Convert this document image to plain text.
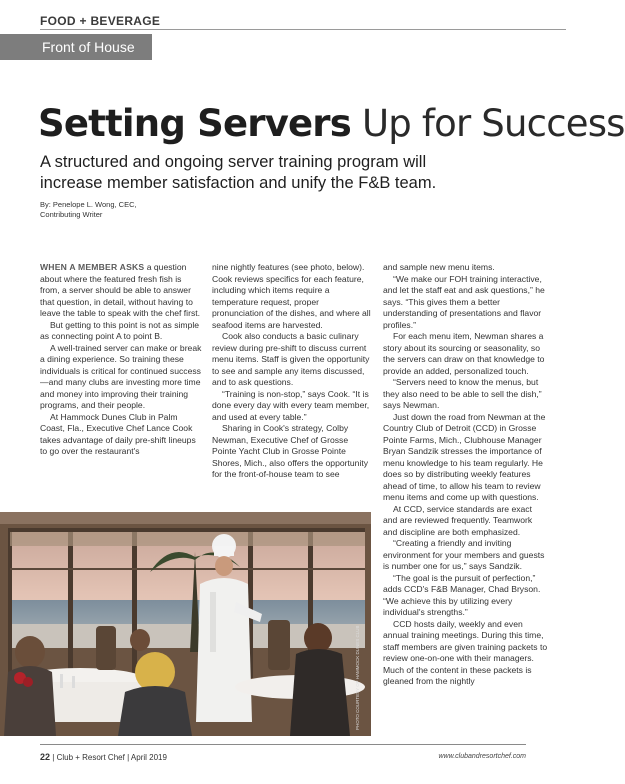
FOOD + BEVERAGE
Front of House
Setting Servers Up for Success
A structured and ongoing server training program will increase member satisfaction and unify the F&B team.
By: Penelope L. Wong, CEC,
Contributing Writer

WHEN A MEMBER ASKS a question about where the featured fresh fish is from, a server should be able to answer that question, in detail, without having to leave the table to speak with the chef first.

But getting to this point is not as simple as connecting point A to point B.

A well-trained server can make or break a dining experience. So training these individuals is critical for continued success—and many clubs are investing more time and money into improving their training programs, and their people.

At Hammock Dunes Club in Palm Coast, Fla., Executive Chef Lance Cook takes advantage of daily pre-shift lineups to go over the restaurant's

nine nightly features (see photo, below). Cook reviews specifics for each feature, including which items require a temperature request, proper pronunciation of the dishes, and where all seafood items are harvested.

Cook also conducts a basic culinary review during pre-shift to discuss current menu items. Staff is given the opportunity to see and sample any items discussed, and to ask questions.

“Training is non-stop,” says Cook. “It is done every day with every team member, and used at every table.”

Sharing in Cook's strategy, Colby Newman, Executive Chef of Grosse Pointe Yacht Club in Grosse Pointe Shores, Mich., also offers the opportunity for the front-of-house team to see

and sample new menu items.

“We make our FOH training interactive, and let the staff eat and ask questions,” he says. “This gives them a better understanding of presentations and flavor profiles.”

For each menu item, Newman shares a story about its sourcing or seasonality, so the servers can draw on that knowledge to provide an added, personalized touch.

“Servers need to know the menus, but they also need to be able to sell the dish,” says Newman.

Just down the road from Newman at the Country Club of Detroit (CCD) in Grosse Pointe Farms, Mich., Clubhouse Manager Bryan Sandzik stresses the importance of menu knowledge to his team regularly. He does so by distributing weekly features ahead of time, to allow his team to review menu items and come up with questions.

At CCD, service standards are exact and are reviewed frequently. Teamwork and discipline are both emphasized.

“Creating a friendly and inviting environment for your members and guests is number one for us,” says Sandzik.

“The goal is the pursuit of perfection,” adds CCD's F&B Manager, Chad Bryson. “We achieve this by utilizing every individual's strengths.”

CCD hosts daily, weekly and even annual training meetings. During this time, staff members are given training packets to review one-on-one with their managers. Much of the content in these packets is gleaned from the nightly

PHOTO COURTESY OF HAMMOCK DUNES CLUB
22 | Club + Resort Chef | April 2019	www.clubandresortchef.com
